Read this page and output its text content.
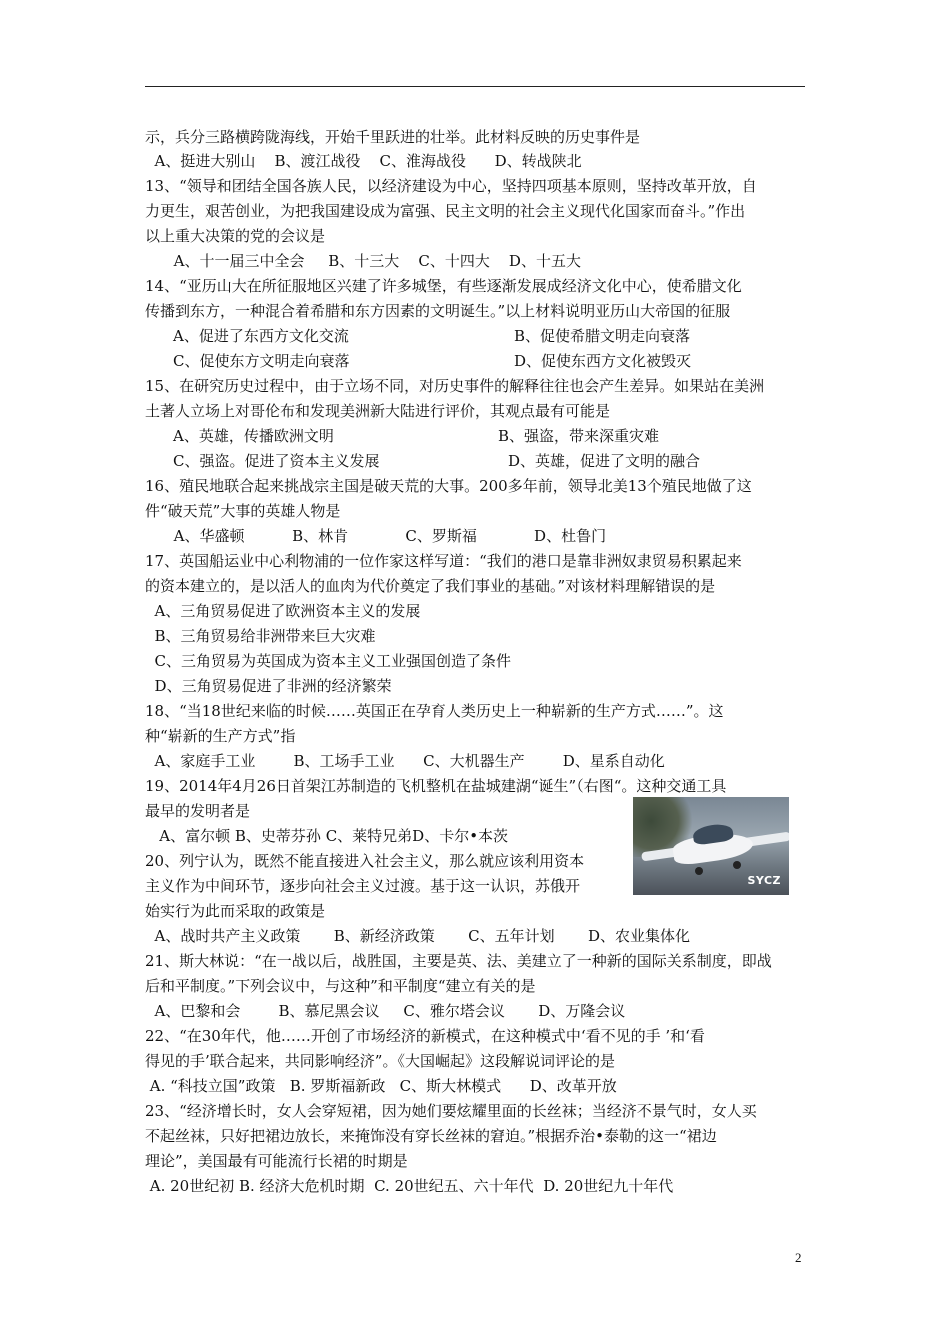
示，兵分三路横跨陇海线，开始千里跃进的壮举。此材料反映的历史事件是
A、挺进大别山    B、渡江战役    C、淮海战役      D、转战陕北
13、“领导和团结全国各族人民，以经济建设为中心，坚持四项基本原则，坚持改革开放，自
力更生，艰苦创业，为把我国建设成为富强、民主文明的社会主义现代化国家而奋斗。”作出
以上重大决策的党的会议是
A、十一届三中全会     B、十三大    C、十四大    D、十五大
14、“亚历山大在所征服地区兴建了许多城堡，有些逐渐发展成经济文化中心，使希腊文化
传播到东方，一种混合着希腊和东方因素的文明诞生。”以上材料说明亚历山大帝国的征服
A、促进了东西方文化交流	B、促使希腊文明走向衰落
C、促使东方文明走向衰落	D、促使东西方文化被毁灭
15、在研究历史过程中，由于立场不同，对历史事件的解释往往也会产生差异。如果站在美洲
土著人立场上对哥伦布和发现美洲新大陆进行评价，其观点最有可能是
A、英雄，传播欧洲文明	B、强盗，带来深重灾难
C、强盗。促进了资本主义发展	D、英雄，促进了文明的融合
16、殖民地联合起来挑战宗主国是破天荒的大事。200多年前，领导北美13个殖民地做了这
件“破天荒”大事的英雄人物是
A、华盛顿          B、林肯            C、罗斯福            D、杜鲁门
17、英国船运业中心利物浦的一位作家这样写道：“我们的港口是靠非洲奴隶贸易积累起来
的资本建立的，是以活人的血肉为代价奠定了我们事业的基础。”对该材料理解错误的是
A、三角贸易促进了欧洲资本主义的发展
B、三角贸易给非洲带来巨大灾难
C、三角贸易为英国成为资本主义工业强国创造了条件
D、三角贸易促进了非洲的经济繁荣
18、“当18世纪来临的时候……英国正在孕育人类历史上一种崭新的生产方式……”。这
种“崭新的生产方式”指
A、家庭手工业        B、工场手工业      C、大机器生产        D、星系自动化
19、2014年4月26日首架江苏制造的飞机整机在盐城建湖“诞生”（右图“。这种交通工具
最早的发明者是
A、富尔顿 B、史蒂芬孙 C、莱特兄弟D、卡尔•本茨
20、列宁认为，既然不能直接进入社会主义，那么就应该利用资本
主义作为中间环节，逐步向社会主义过渡。基于这一认识，苏俄开
始实行为此而采取的政策是
A、战时共产主义政策       B、新经济政策       C、五年计划       D、农业集体化
21、斯大林说：“在一战以后，战胜国，主要是英、法、美建立了一种新的国际关系制度，即战
后和平制度。”下列会议中，与这种”和平制度“建立有关的是
A、巴黎和会        B、慕尼黑会议     C、雅尔塔会议       D、万隆会议
22、“在30年代，他……开创了市场经济的新模式，在这种模式中‘看不见的手 ’和‘看
得见的手’联合起来，共同影响经济”。《大国崛起》这段解说词评论的是
A. “科技立国”政策   B. 罗斯福新政   C、斯大林模式      D、改革开放
23、“经济增长时，女人会穿短裙，因为她们要炫耀里面的长丝袜；当经济不景气时，女人买
不起丝袜，只好把裙边放长，来掩饰没有穿长丝袜的窘迫。”根据乔治•泰勒的这一“裙边
理论”，美国最有可能流行长裙的时期是
A. 20世纪初 B. 经济大危机时期  C. 20世纪五、六十年代  D. 20世纪九十年代
SYCZ
2
